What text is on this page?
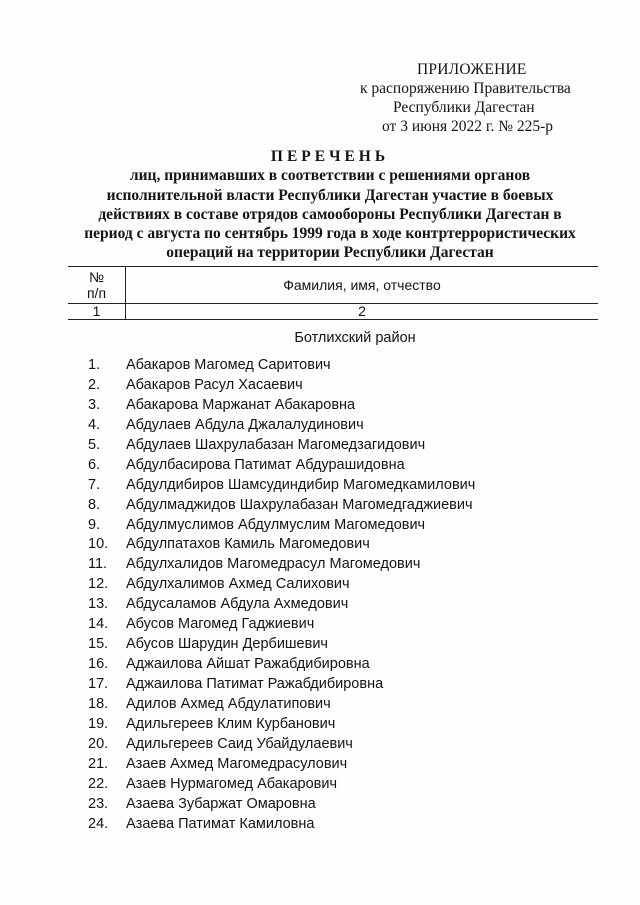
ПРИЛОЖЕНИЕ
к распоряжению Правительства
Республики Дагестан
от 3 июня 2022 г. № 225-р
ПЕРЕЧЕНЬ
лиц, принимавших в соответствии с решениями органов
исполнительной власти Республики Дагестан участие в боевых
действиях в составе отрядов самообороны Республики Дагестан в
период с августа по сентябрь 1999 года в ходе контртеррористических
операций на территории Республики Дагестан
№
п/п	Фамилия, имя, отчество
1	2
Ботлихский район
1.	Абакаров Магомед Саритович
2.	Абакаров Расул Хасаевич
3.	Абакарова Маржанат Абакаровна
4.	Абдулаев Абдула Джалалудинович
5.	Абдулаев Шахрулабазан Магомедзагидович
6.	Абдулбасирова Патимат Абдурашидовна
7.	Абдулдибиров Шамсудиндибир Магомедкамилович
8.	Абдулмаджидов Шахрулабазан Магомедгаджиевич
9.	Абдулмуслимов Абдулмуслим Магомедович
10.	Абдулпатахов Камиль Магомедович
11.	Абдулхалидов Магомедрасул Магомедович
12.	Абдулхалимов Ахмед Салихович
13.	Абдусаламов Абдула Ахмедович
14.	Абусов Магомед Гаджиевич
15.	Абусов Шарудин Дербишевич
16.	Аджаилова Айшат Ражабдибировна
17.	Аджаилова Патимат Ражабдибировна
18.	Адилов Ахмед Абдулатипович
19.	Адильгереев Клим Курбанович
20.	Адильгереев Саид Убайдулаевич
21.	Азаев Ахмед Магомедрасулович
22.	Азаев Нурмагомед Абакарович
23.	Азаева Зубаржат Омаровна
24.	Азаева Патимат Камиловна
